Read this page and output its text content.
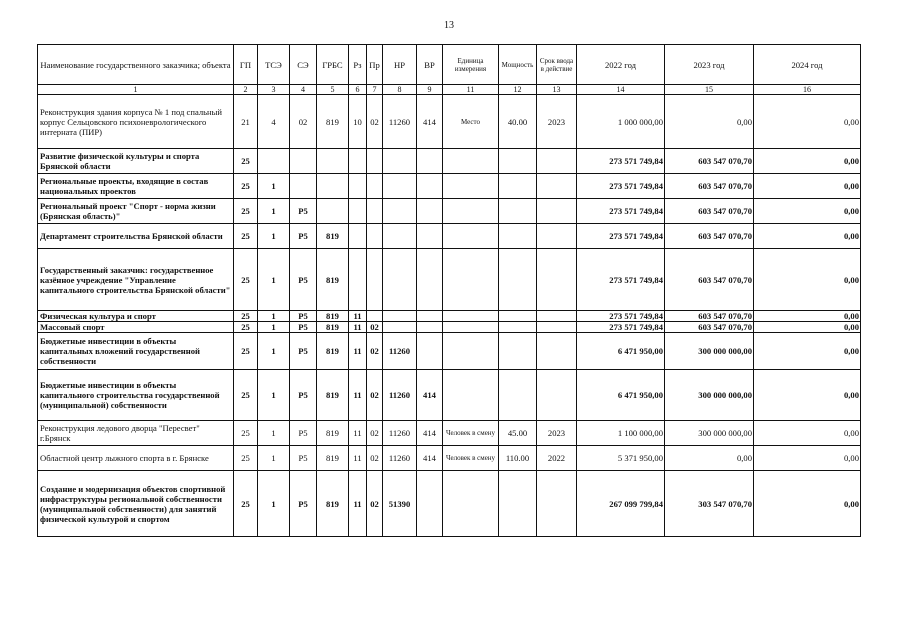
13
Наименование государственного заказчика; объекта	ГП	ТСЭ	СЭ	ГРБС	Рз	Пр	НР	ВР	Единица измерения	Мощность	Срок ввода в действие	2022 год	2023 год	2024 год
1	2	3	4	5	6	7	8	9	11	12	13	14	15	16
Реконструкция здания корпуса № 1 под спальный корпус Сельцовского психоневрологического интерната (ПИР)	21	4	02	819	10	02	11260	414	Место	40.00	2023	1 000 000,00	0,00	0,00
Развитие физической культуры и спорта Брянской области	25											273 571 749,84	603 547 070,70	0,00
Региональные проекты, входящие в состав национальных проектов	25	1										273 571 749,84	603 547 070,70	0,00
Региональный проект "Спорт - норма жизни (Брянская область)"	25	1	P5									273 571 749,84	603 547 070,70	0,00
Департамент строительства Брянской области	25	1	P5	819								273 571 749,84	603 547 070,70	0,00
Государственный заказчик: государственное казённое учреждение "Управление капитального строительства Брянской области"	25	1	P5	819								273 571 749,84	603 547 070,70	0,00
Физическая культура и спорт	25	1	P5	819	11							273 571 749,84	603 547 070,70	0,00
Массовый спорт	25	1	P5	819	11	02						273 571 749,84	603 547 070,70	0,00
Бюджетные инвестиции в объекты капитальных вложений государственной собственности	25	1	P5	819	11	02	11260					6 471 950,00	300 000 000,00	0,00
Бюджетные инвестиции в объекты капитального строительства государственной (муниципальной) собственности	25	1	P5	819	11	02	11260	414				6 471 950,00	300 000 000,00	0,00
Реконструкция ледового дворца "Пересвет" г.Брянск	25	1	P5	819	11	02	11260	414	Человек в смену	45.00	2023	1 100 000,00	300 000 000,00	0,00
Областной центр лыжного спорта в г. Брянске	25	1	P5	819	11	02	11260	414	Человек в смену	110.00	2022	5 371 950,00	0,00	0,00
Создание и модернизация объектов спортивной инфраструктуры региональной собственности (муниципальной собственности) для занятий физической культурой и спортом	25	1	P5	819	11	02	51390					267 099 799,84	303 547 070,70	0,00
